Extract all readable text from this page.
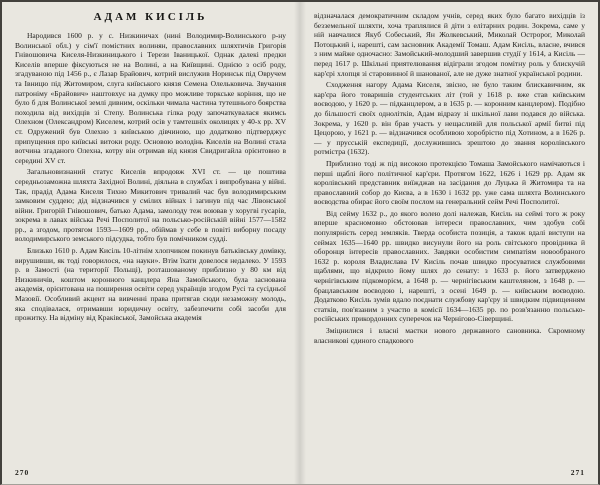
АДАМ КИСІЛЬ

Народився 1600 р. у с. Низкиничах (нині Володимир-Волинського р-ну Волинської обл.) у сім'ї помістних волинян, православних шляхтичів Григорія Гнівошовича Киселя-Низкиницького і Терези Іваницької. Однак далекі предки Киселів вперше фіксуються не на Волині, а на Київщині. Однією з осіб роду, згадуваною під 1456 р., є Лазар Брайович, котрий вислужив Норинськ під Овручем та Івницю під Житомиром, слуга київського князя Семена Олельковича. Звучання патроніму «Брайович» наштовхує на думку про можливе торкське коріння, що не було б для Волинської землі дивним, оскільки чимала частина тутешнього боярства походила від вихідців зі Степу. Волинська гілка роду започаткувалася якимсь Олехном (Олександром) Киселем, котрий осів у тамтешніх околицях у 40-х рр. XV ст. Одружений був Олехно з київською дівчиною, що додатково підтверджує припущення про київські витоки роду. Основою володінь Киселів на Волині стала вотчина згаданого Олехна, котру він отримав від князя Свидригайла орієнтовно в середині XV ст.

Загальновизнаний статус Киселів впродовж XVI ст. — це поштива середньозаможна шляхта Західної Волині, діяльна в службах і випробувана у війні. Так, прадід Адама Киселя Тихно Микитович тривалий час був володимирським замковим суддею; дід відзначився у смілих війнах і загинув під час Лівонської війни. Григорій Гнівошович, батько Адама, замолоду теж воював у хоругві гусарів, зокрема в лавах війська Речі Посполитої на польсько-російській війні 1577—1582 рр., а згодом, протягом 1593—1609 рр., обіймав у себе в повіті виборну посаду володимирського земського підсудка, тобто був помічником судді.

Близько 1610 р. Адам Кисіль 10-літнім хлопчиком покинув батьківську домівку, вирушивши, як тоді говорилося, «на науки». Втім їхати довелося недалеко. У 1593 р. в Замості (на території Польщі), розташованому приблизно у 80 км від Низкиничів, коштом коронного канцлера Яна Замойського, була заснована академія, орієнтована на поширення освіти серед українців згодом Русі та сусідньої Мазовії. Особливий акцент на вивченні права притягав сюди незаможну молодь, яка сподівалася, отримавши юридичну освіту, забезпечити собі засоби для прожитку. На відміну від Краківської, Замойська академія

270

відзначалася демократичним складом учнів, серед яких було багато вихідців із безземельної шляхти, хоча траплялися й діти з елітарних родин. Зокрема, саме у ній навчалися Якуб Собеський, Ян Жолкевський, Миколай Остророг, Миколай Потоцький і, нарешті, сам засновник Академії Томаш. Адам Кисіль, власне, вчився з ним майже одночасно: Замойський-молодший завершив студії у 1614, а Кисіль — перед 1617 р. Шкільні приятелювання відіграли згодом помітну роль у блискучій кар'єрі хлопця зі старовинної й шанованої, але не дуже знатної української родини.

Сходження нагору Адама Киселя, звісно, не було таким блискавичним, як кар'єра його товаришів студентських літ (той у 1618 р. вже став київським воєводою, у 1620 р. — підканцлером, а в 1635 р. — коронним канцлером). Подібно до більшості своїх однолітків, Адам відразу зі шкільної лави подався до війська. Зокрема, у 1620 р. він брав участь у нещасливій для польської армії битві під Цецорою, у 1621 р. — відзначився особливою хоробрістю під Хотином, а в 1626 р. — у прусській експедиції, дослужившись зрештою до звання королівського ротмістра (1632).

Приблизно тоді ж під високою протекцією Томаша Замойського намічаються і перші щаблі його політичної кар'єри. Протягом 1622, 1626 і 1629 рр. Адам як королівський представник виїжджав на засідання до Луцька й Житомира та на православний собор до Києва, а в 1630 і 1632 рр. уже сама шляхта Волинського воєводства обирає його своїм послом на генеральний сейм Речі Посполитої.

Від сейму 1632 р., до якого волею долі належав, Кисіль на сеймі того ж року вперше красномовно обстоював інтереси православних, чим здобув собі популярність серед земляків. Тверда особиста позиція, а також вдалі виступи на сеймах 1635—1640 рр. швидко висунули його на роль світського провідника й оборонця інтересів православних. Завдяки особистим симпатіям новообраного 1632 р. короля Владислава IV Кисіль почав швидко просуватися службовими щаблями, що відкрило йому шлях до сенату: з 1633 р. його затверджено чернігівським підкоморієм, а 1648 р. — чернігівським каштеляном, з 1648 р. — брацлавським воєводою і, нарешті, з осені 1649 р. — київським воєводою. Додатково Кисіль зумів вдало поєднати службову кар'єру зі швидким підвищенням статків, пов'язаним з участю в комісії 1634—1635 рр. по розв'язанню польсько-російських прикордонних суперечок на Чернігово-Сіверщині.

Зміцнилися і власні маєтки нового державного сановника. Скромному власникові єдиного спадкового

271
